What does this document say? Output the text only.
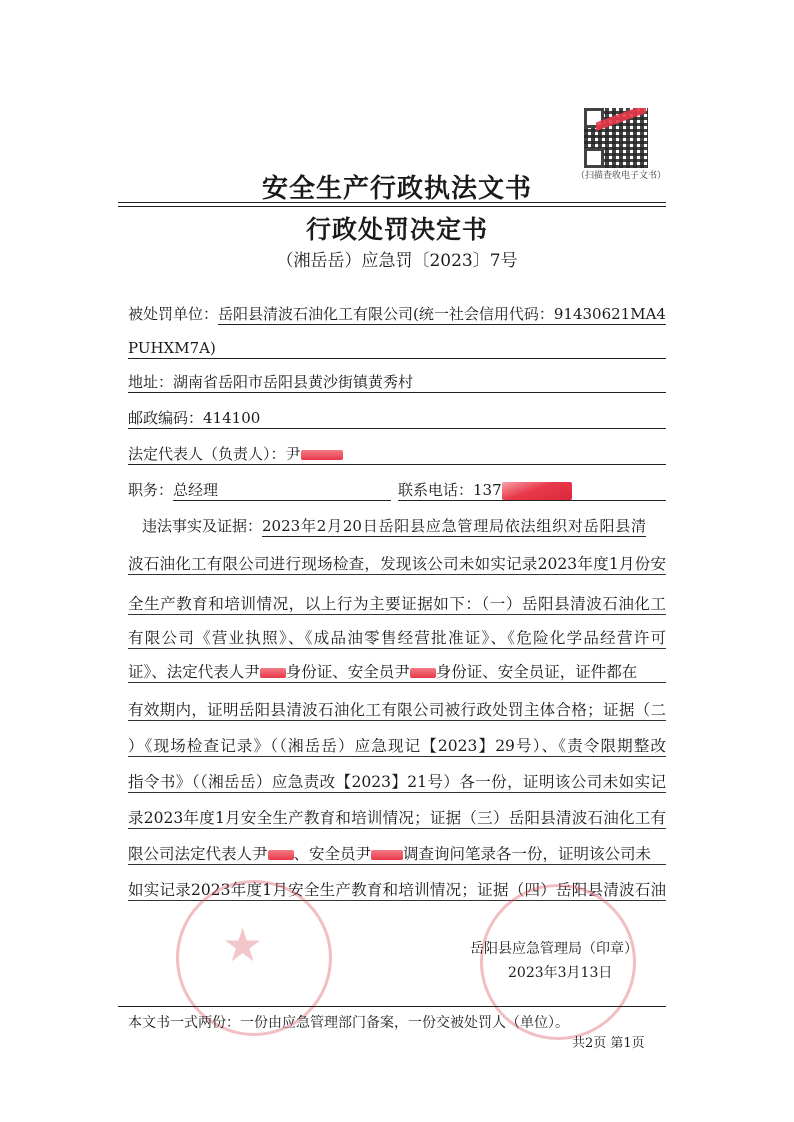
（扫描查收电子文书）
安全生产行政执法文书
行政处罚决定书
（湘岳岳）应急罚〔2023〕7号
被处罚单位：岳阳县清波石油化工有限公司(统一社会信用代码：91430621MA4
PUHXM7A)
地址：湖南省岳阳市岳阳县黄沙街镇黄秀村
邮政编码：414100
法定代表人（负责人）：尹
职务：总经理	联系电话：137
违法事实及证据：2023年2月20日岳阳县应急管理局依法组织对岳阳县清
波石油化工有限公司进行现场检查，发现该公司未如实记录2023年度1月份安
全生产教育和培训情况，以上行为主要证据如下：（一）岳阳县清波石油化工
有限公司《营业执照》、《成品油零售经营批准证》、《危险化学品经营许可
证》、法定代表人尹 身份证、安全员尹 身份证、安全员证，证件都在
有效期内，证明岳阳县清波石油化工有限公司被行政处罚主体合格；证据（二
）《现场检查记录》（（湘岳岳）应急现记【2023】29号）、《责令限期整改
指令书》（（湘岳岳）应急责改【2023】21号）各一份，证明该公司未如实记
录2023年度1月安全生产教育和培训情况；证据（三）岳阳县清波石油化工有
限公司法定代表人尹 、安全员尹 调查询问笔录各一份，证明该公司未
如实记录2023年度1月安全生产教育和培训情况；证据（四）岳阳县清波石油
★	岳阳县应急管理局（印章）
2023年3月13日
本文书一式两份：一份由应急管理部门备案，一份交被处罚人（单位）。
共2页 第1页
